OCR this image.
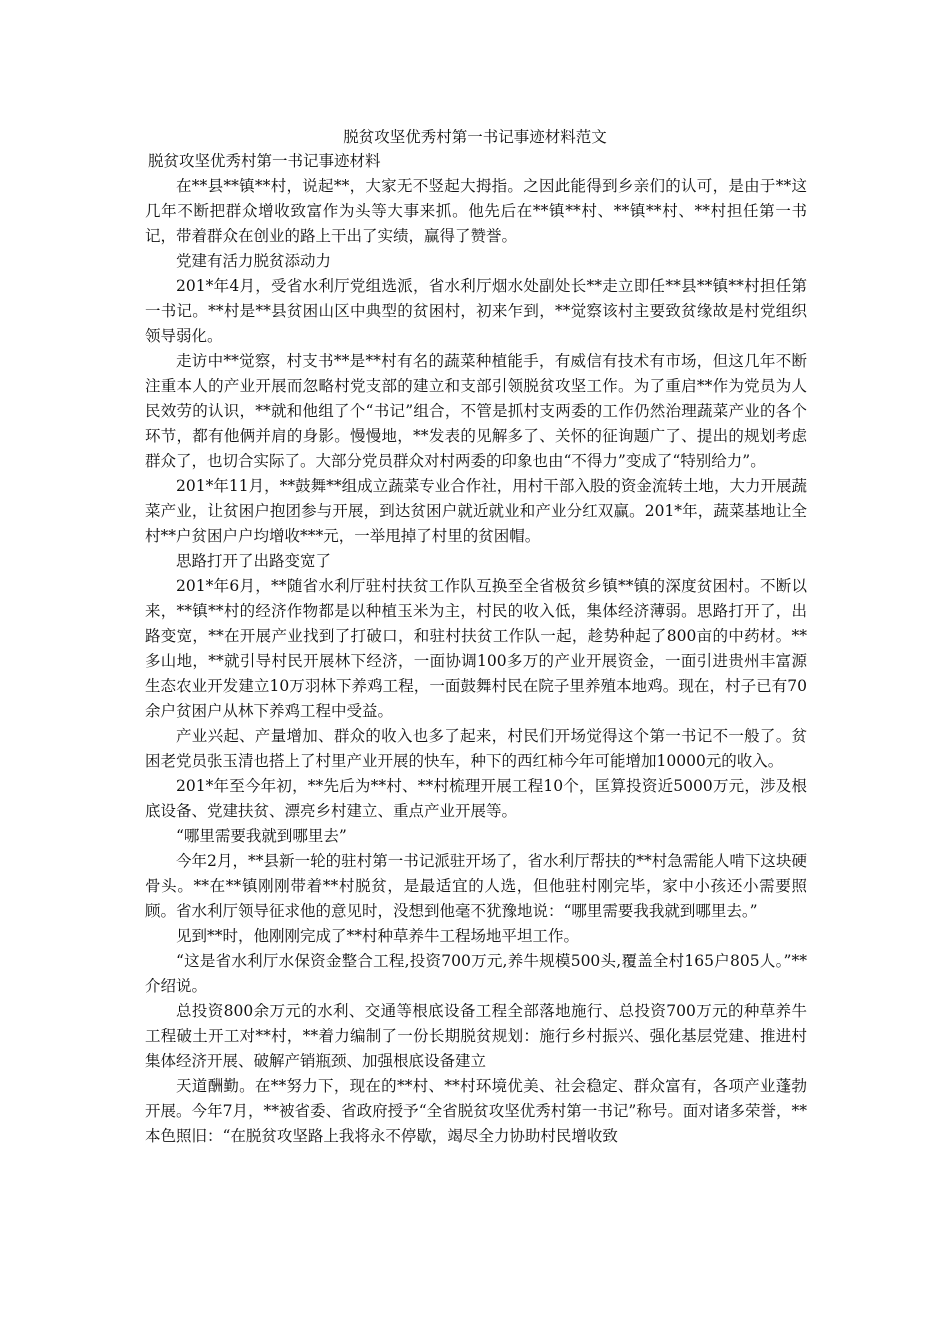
脱贫攻坚优秀村第一书记事迹材料范文
脱贫攻坚优秀村第一书记事迹材料

在**县**镇**村，说起**，大家无不竖起大拇指。之因此能得到乡亲们的认可，是由于**这几年不断把群众增收致富作为头等大事来抓。他先后在**镇**村、**镇**村、**村担任第一书记，带着群众在创业的路上干出了实绩，赢得了赞誉。

党建有活力脱贫添动力

201*年4月，受省水利厅党组选派，省水利厅烟水处副处长**走立即任**县**镇**村担任第一书记。**村是**县贫困山区中典型的贫困村，初来乍到，**觉察该村主要致贫缘故是村党组织领导弱化。

走访中**觉察，村支书**是**村有名的蔬菜种植能手，有威信有技术有市场，但这几年不断注重本人的产业开展而忽略村党支部的建立和支部引领脱贫攻坚工作。为了重启**作为党员为人民效劳的认识，**就和他组了个“书记”组合，不管是抓村支两委的工作仍然治理蔬菜产业的各个环节，都有他俩并肩的身影。慢慢地，**发表的见解多了、关怀的征询题广了、提出的规划考虑群众了，也切合实际了。大部分党员群众对村两委的印象也由“不得力”变成了“特别给力”。

201*年11月，**鼓舞**组成立蔬菜专业合作社，用村干部入股的资金流转土地，大力开展蔬菜产业，让贫困户抱团参与开展，到达贫困户就近就业和产业分红双赢。201*年，蔬菜基地让全村**户贫困户户均增收***元，一举甩掉了村里的贫困帽。

思路打开了出路变宽了

201*年6月，**随省水利厅驻村扶贫工作队互换至全省极贫乡镇**镇的深度贫困村。不断以来，**镇**村的经济作物都是以种植玉米为主，村民的收入低，集体经济薄弱。思路打开了，出路变宽，**在开展产业找到了打破口，和驻村扶贫工作队一起，趁势种起了800亩的中药材。**多山地，**就引导村民开展林下经济，一面协调100多万的产业开展资金，一面引进贵州丰富源生态农业开发建立10万羽林下养鸡工程，一面鼓舞村民在院子里养殖本地鸡。现在，村子已有70余户贫困户从林下养鸡工程中受益。

产业兴起、产量增加、群众的收入也多了起来，村民们开场觉得这个第一书记不一般了。贫困老党员张玉清也搭上了村里产业开展的快车，种下的西红柿今年可能增加10000元的收入。

201*年至今年初，**先后为**村、**村梳理开展工程10个，匡算投资近5000万元，涉及根底设备、党建扶贫、漂亮乡村建立、重点产业开展等。

“哪里需要我就到哪里去”

今年2月，**县新一轮的驻村第一书记派驻开场了，省水利厅帮扶的**村急需能人啃下这块硬骨头。**在**镇刚刚带着**村脱贫，是最适宜的人选，但他驻村刚完毕，家中小孩还小需要照顾。省水利厅领导征求他的意见时，没想到他毫不犹豫地说：“哪里需要我我就到哪里去。”

见到**时，他刚刚完成了**村种草养牛工程场地平坦工作。

“这是省水利厅水保资金整合工程,投资700万元,养牛规模500头,覆盖全村165户805人。”**介绍说。

总投资800余万元的水利、交通等根底设备工程全部落地施行、总投资700万元的种草养牛工程破土开工对**村，**着力编制了一份长期脱贫规划：施行乡村振兴、强化基层党建、推进村集体经济开展、破解产销瓶颈、加强根底设备建立

天道酬勤。在**努力下，现在的**村、**村环境优美、社会稳定、群众富有，各项产业蓬勃开展。今年7月，**被省委、省政府授予“全省脱贫攻坚优秀村第一书记”称号。面对诸多荣誉，**本色照旧：“在脱贫攻坚路上我将永不停歇，竭尽全力协助村民增收致
